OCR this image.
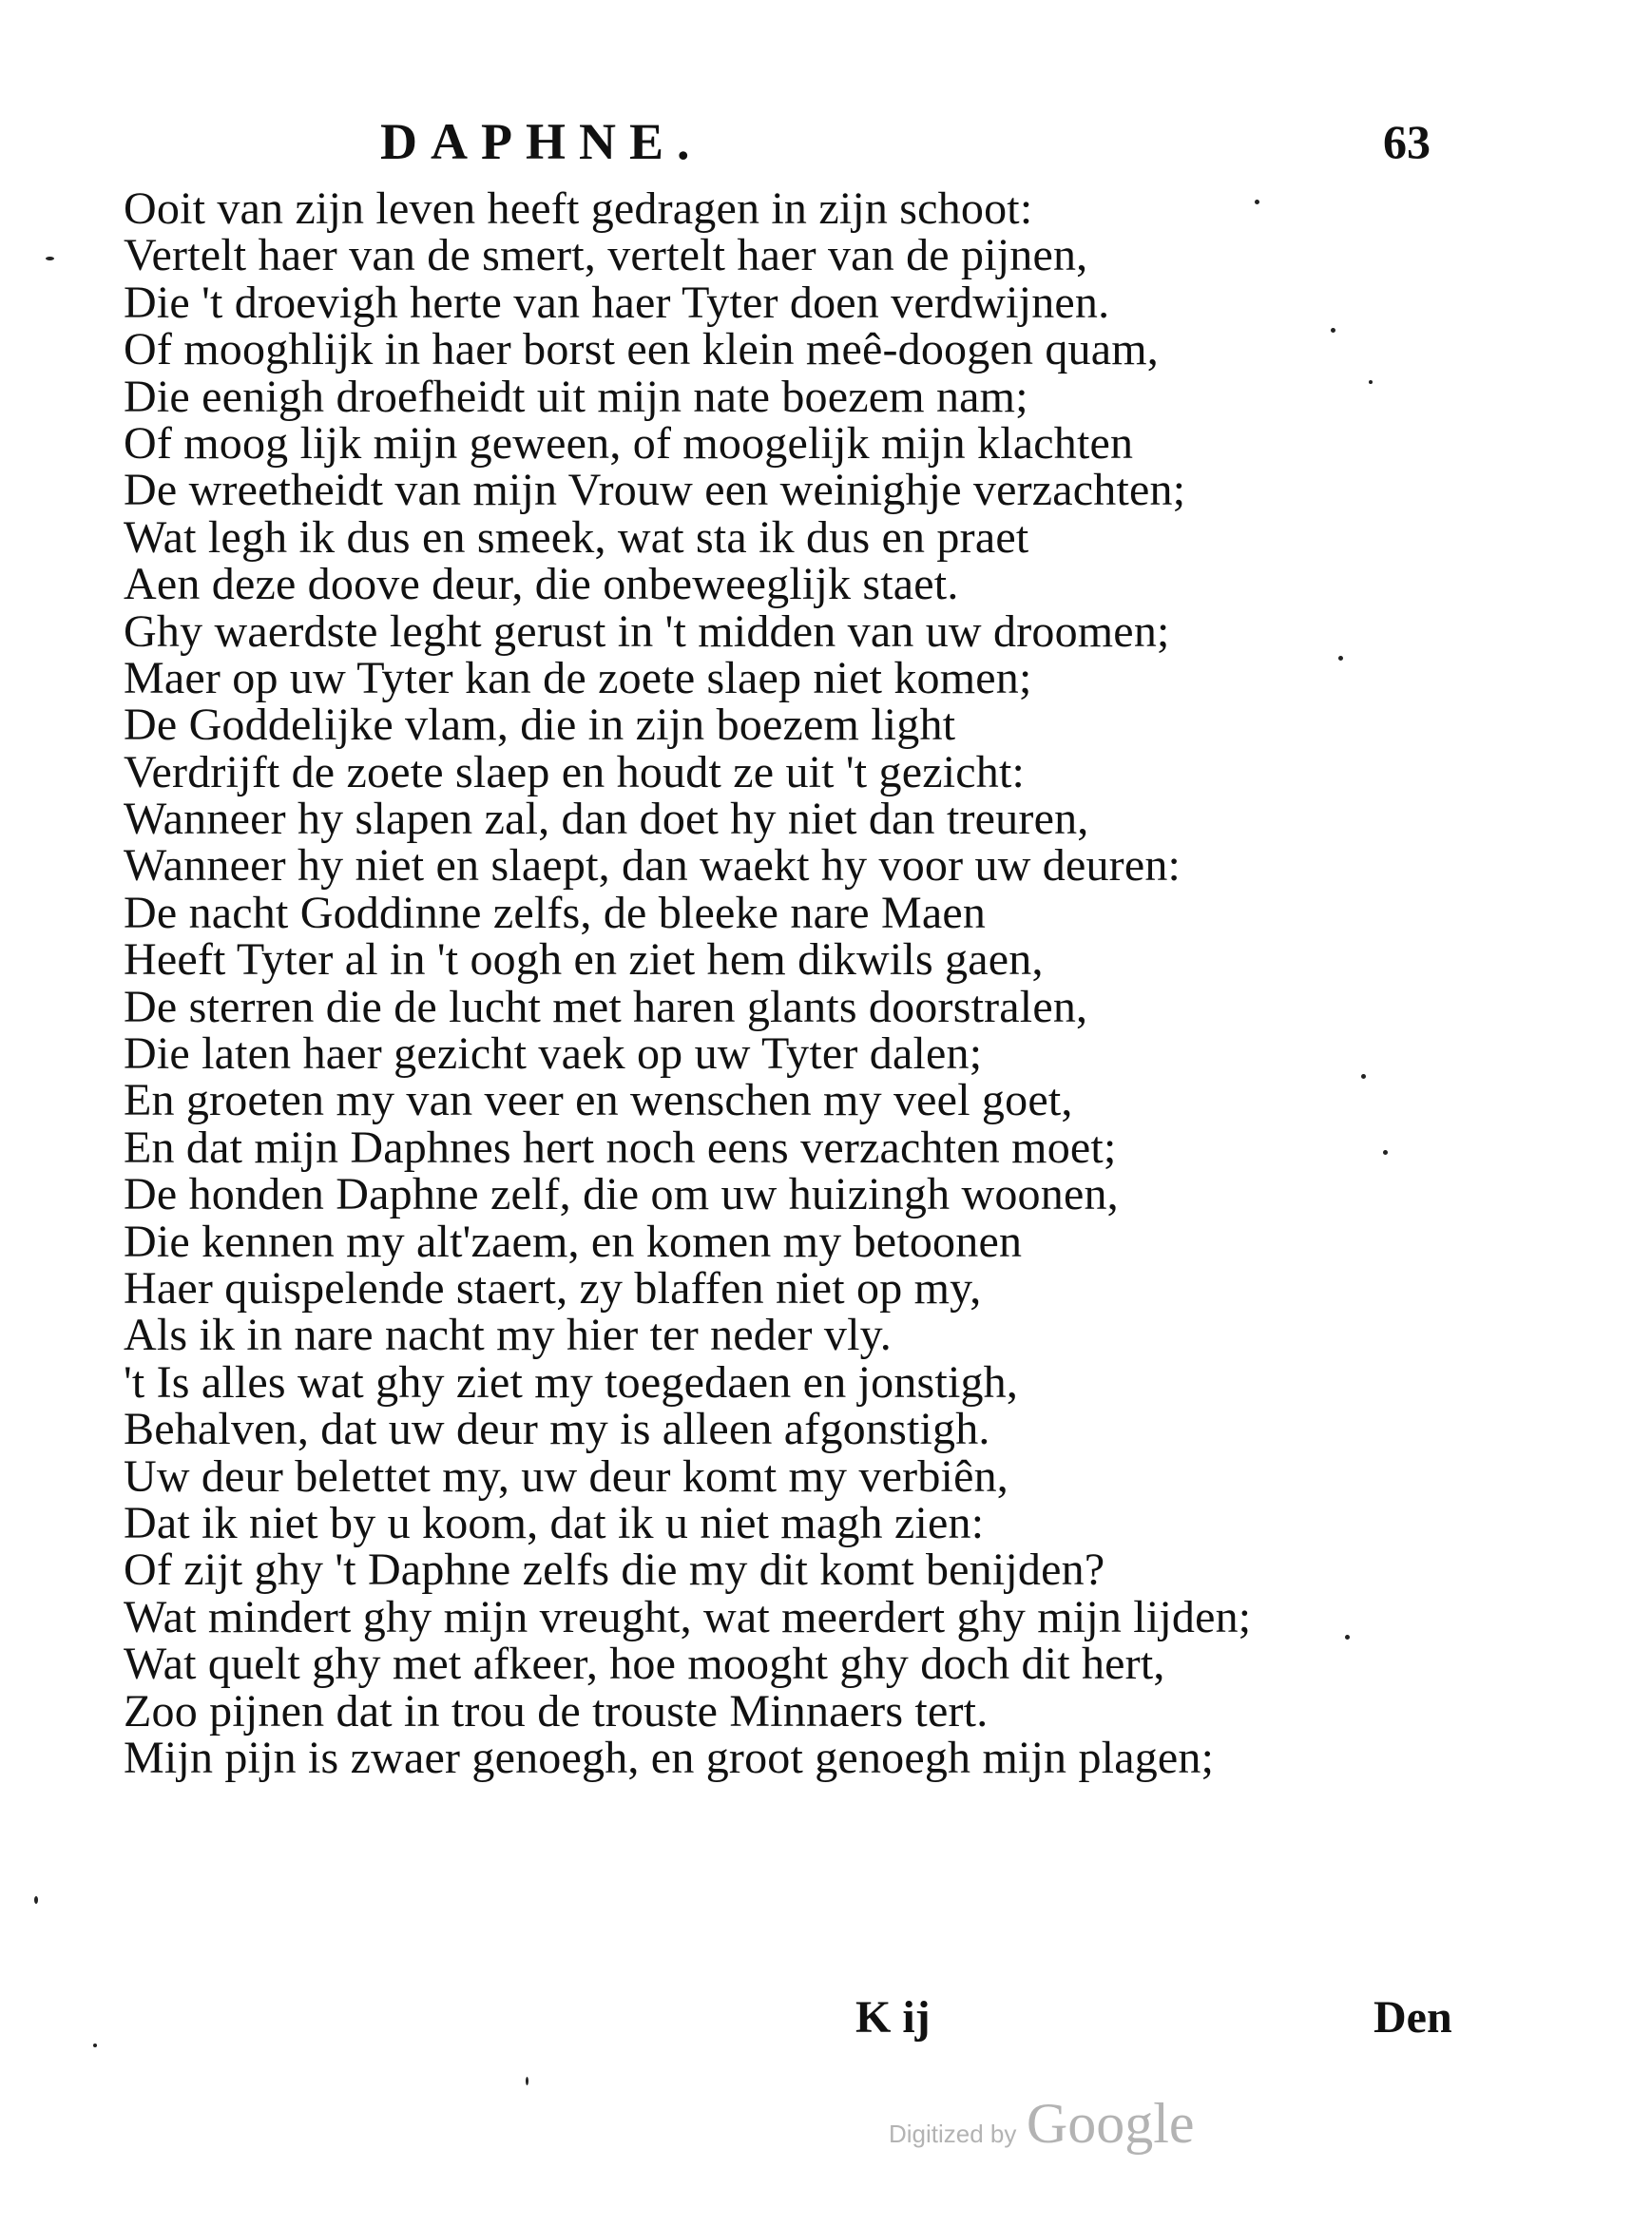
DAPHNE.	63
Ooit van zijn leven heeft gedragen in zijn schoot:
Vertelt haer van de smert, vertelt haer van de pijnen,
Die 't droevigh herte van haer Tyter doen verdwijnen.
Of mooghlijk in haer borst een klein meê-doogen quam,
Die eenigh droefheidt uit mijn nate boezem nam;
Of moog lijk mijn geween, of moogelijk mijn klachten
De wreetheidt van mijn Vrouw een weinighje verzachten;
Wat legh ik dus en smeek, wat sta ik dus en praet
Aen deze doove deur, die onbeweeglijk staet.
Ghy waerdste leght gerust in 't midden van uw droomen;
Maer op uw Tyter kan de zoete slaep niet komen;
De Goddelijke vlam, die in zijn boezem light
Verdrijft de zoete slaep en houdt ze uit 't gezicht:
Wanneer hy slapen zal, dan doet hy niet dan treuren,
Wanneer hy niet en slaept, dan waekt hy voor uw deuren:
De nacht Goddinne zelfs, de bleeke nare Maen
Heeft Tyter al in 't oogh en ziet hem dikwils gaen,
De sterren die de lucht met haren glants doorstralen,
Die laten haer gezicht vaek op uw Tyter dalen;
En groeten my van veer en wenschen my veel goet,
En dat mijn Daphnes hert noch eens verzachten moet;
De honden Daphne zelf, die om uw huizingh woonen,
Die kennen my alt'zaem, en komen my betoonen
Haer quispelende staert, zy blaffen niet op my,
Als ik in nare nacht my hier ter neder vly.
't Is alles wat ghy ziet my toegedaen en jonstigh,
Behalven, dat uw deur my is alleen afgonstigh.
Uw deur belettet my, uw deur komt my verbiên,
Dat ik niet by u koom, dat ik u niet magh zien:
Of zijt ghy 't Daphne zelfs die my dit komt benijden?
Wat mindert ghy mijn vreught, wat meerdert ghy mijn lijden;
Wat quelt ghy met afkeer, hoe mooght ghy doch dit hert,
Zoo pijnen dat in trou de trouste Minnaers tert.
Mijn pijn is zwaer genoegh, en groot genoegh mijn plagen;
K ij	Den
Digitized by Google
